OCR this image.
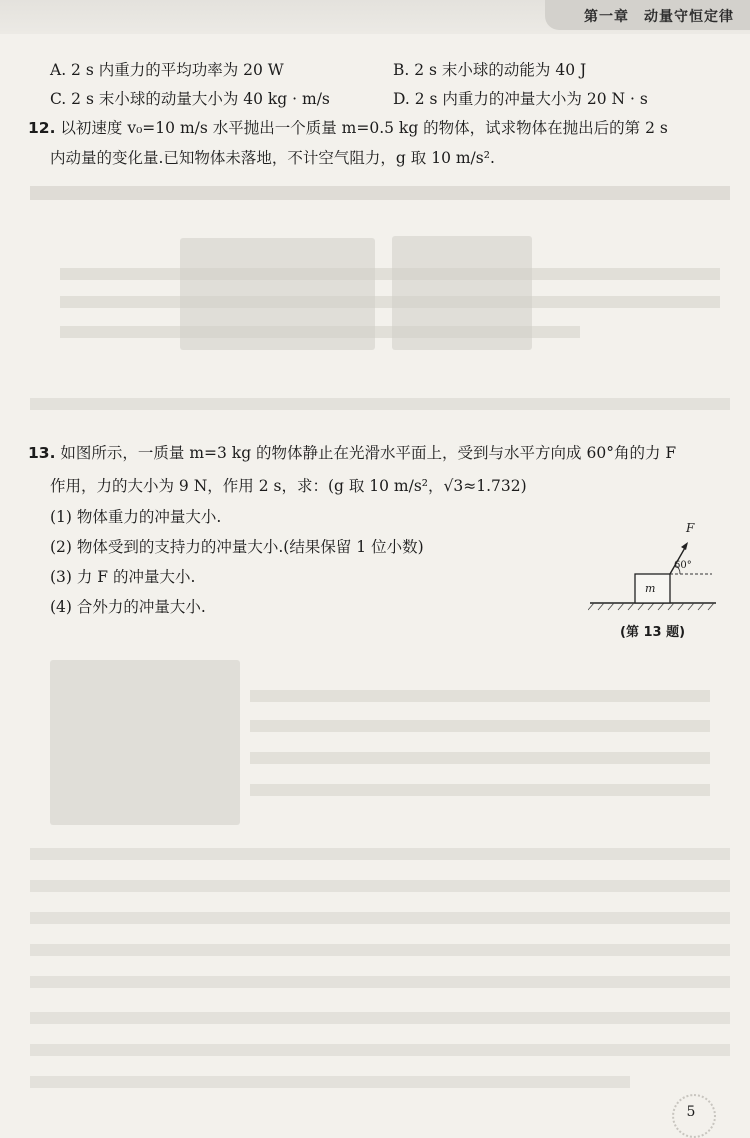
第一章　动量守恒定律
A. 2 s 内重力的平均功率为 20 W	B. 2 s 末小球的动能为 40 J
C. 2 s 末小球的动量大小为 40 kg · m/s	D. 2 s 内重力的冲量大小为 20 N · s
12. 以初速度 v₀=10 m/s 水平抛出一个质量 m=0.5 kg 的物体，试求物体在抛出后的第 2 s
内动量的变化量.已知物体未落地，不计空气阻力，g 取 10 m/s².
13. 如图所示，一质量 m=3 kg 的物体静止在光滑水平面上，受到与水平方向成 60°角的力 F
作用，力的大小为 9 N，作用 2 s，求：(g 取 10 m/s²，√3≈1.732)
(1) 物体重力的冲量大小.
(2) 物体受到的支持力的冲量大小.(结果保留 1 位小数)
(3) 力 F 的冲量大小.
(4) 合外力的冲量大小.
F
60°
m
(第 13 题)
5
